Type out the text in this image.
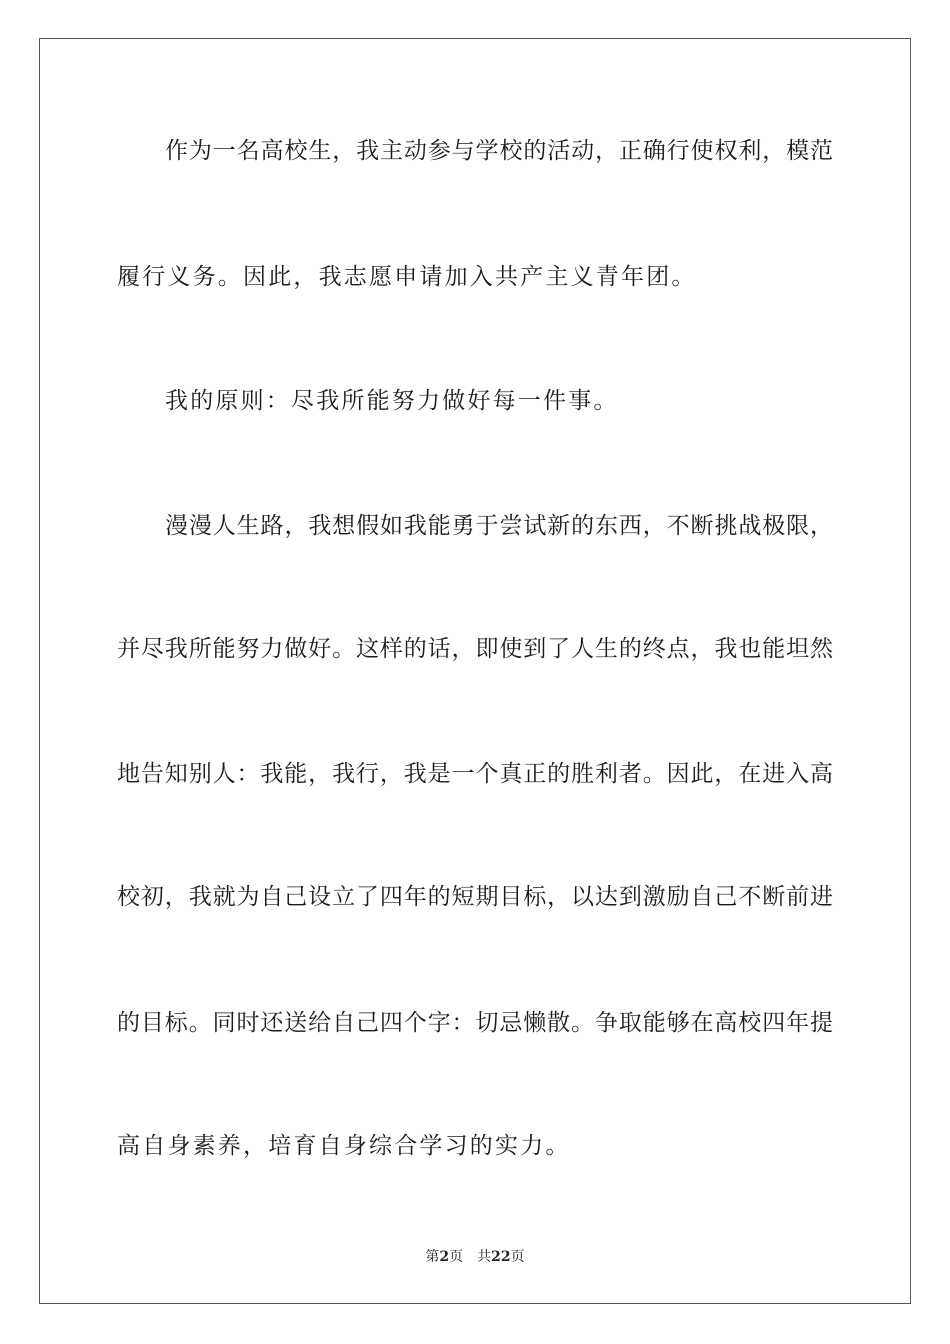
作为一名高校生，我主动参与学校的活动，正确行使权利，模范
履行义务。因此，我志愿申请加入共产主义青年团。
我的原则：尽我所能努力做好每一件事。
漫漫人生路，我想假如我能勇于尝试新的东西，不断挑战极限，
并尽我所能努力做好。这样的话，即使到了人生的终点，我也能坦然
地告知别人：我能，我行，我是一个真正的胜利者。因此，在进入高
校初，我就为自己设立了四年的短期目标，以达到激励自己不断前进
的目标。同时还送给自己四个字：切忌懒散。争取能够在高校四年提
高自身素养，培育自身综合学习的实力。
第2页 共22页
